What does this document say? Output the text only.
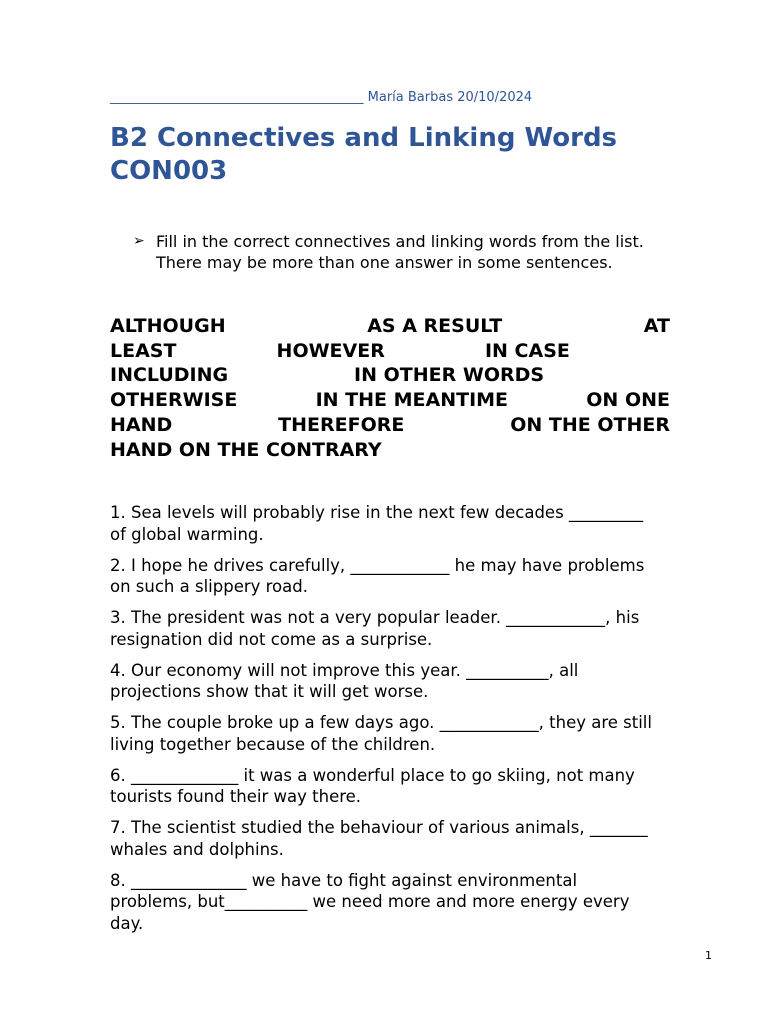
_______________________________________ María Barbas 20/10/2024
B2 Connectives and Linking Words
CON003
➢ Fill in the correct connectives and linking words from the list.
There may be more than one answer in some sentences.
ALTHOUGH	AS A RESULT	AT
LEAST	HOWEVER	IN CASE
INCLUDING	IN OTHER WORDS
OTHERWISE	IN THE MEANTIME	ON ONE
HAND	THEREFORE	ON THE OTHER
HAND ON THE CONTRARY
1. Sea levels will probably rise in the next few decades _________
of global warming.
2. I hope he drives carefully, ____________ he may have problems
on such a slippery road.
3. The president was not a very popular leader. ____________, his
resignation did not come as a surprise.
4. Our economy will not improve this year. __________, all
projections show that it will get worse.
5. The couple broke up a few days ago. ____________, they are still
living together because of the children.
6. _____________ it was a wonderful place to go skiing, not many
tourists found their way there.
7. The scientist studied the behaviour of various animals, _______
whales and dolphins.
8. ______________ we have to fight against environmental
problems, but__________ we need more and more energy every
day.
1
